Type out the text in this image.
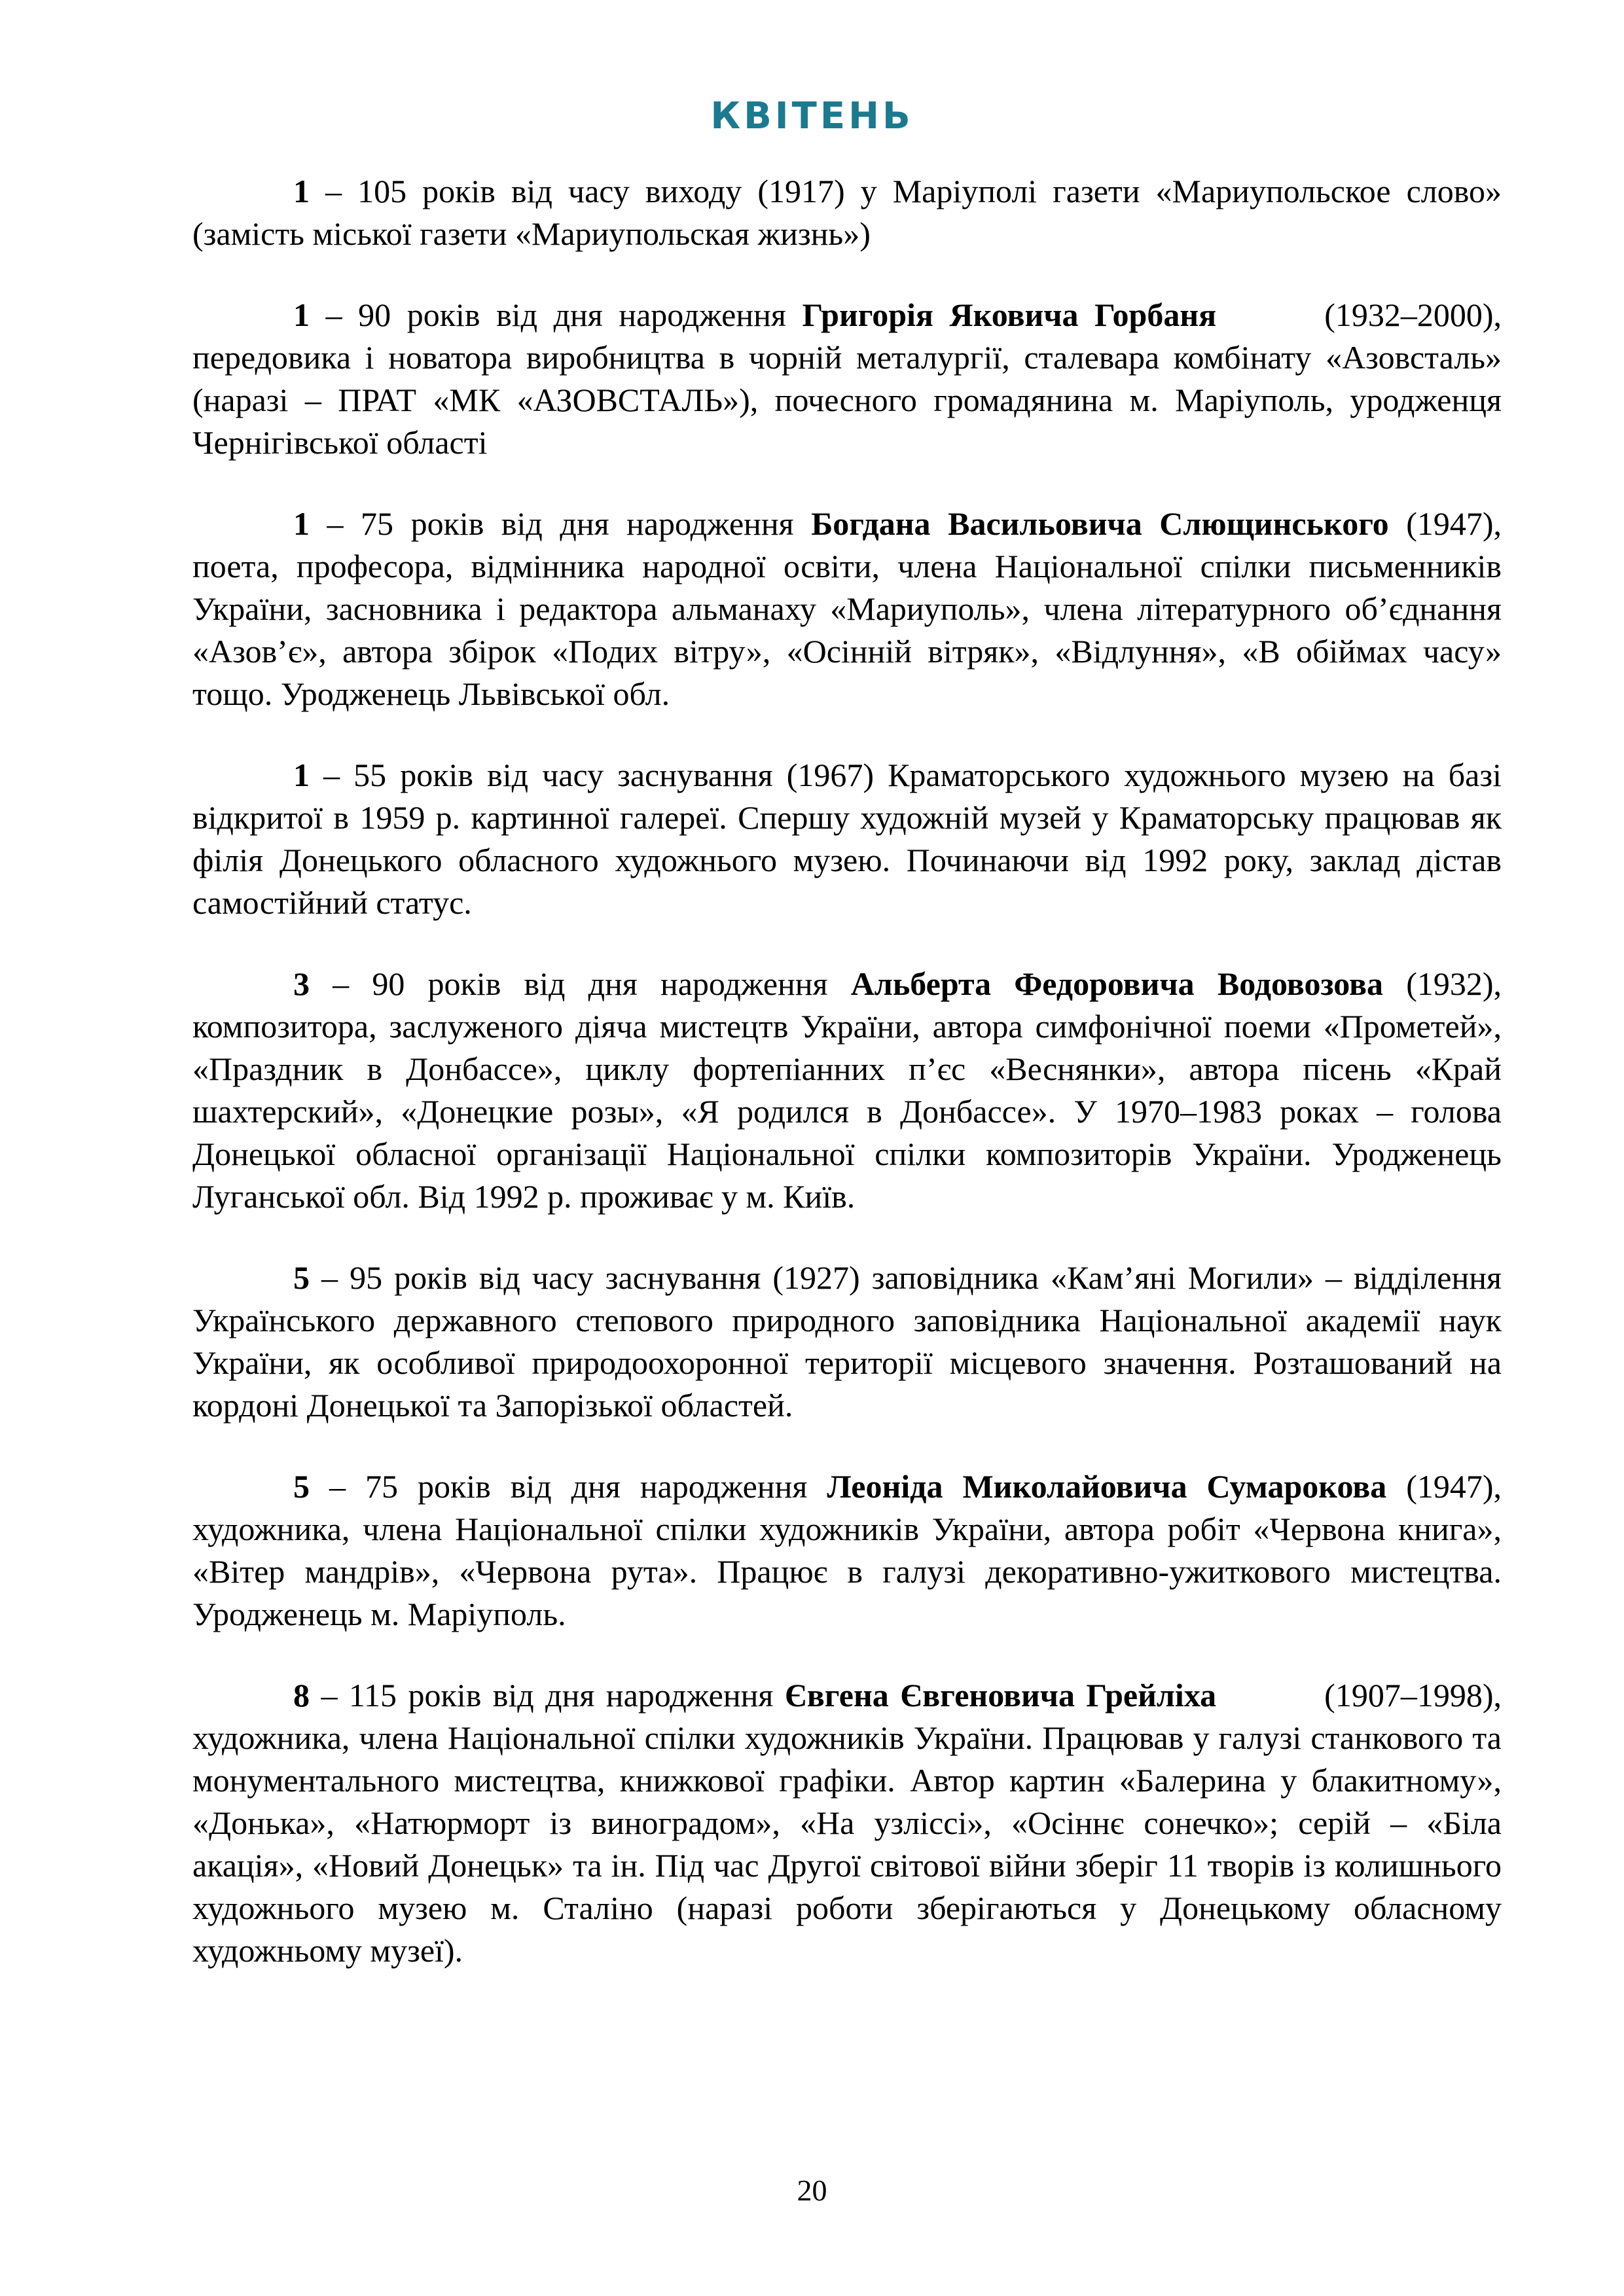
КВІТЕНЬ

1 – 105 років від часу виходу (1917) у Маріуполі газети «Мариупольское слово» (замість міської газети «Мариупольская жизнь»)

1 – 90 років від дня народження Григорія Яковича Горбаня	(1932–2000), передовика і новатора виробництва в чорній металургії, сталевара комбінату «Азовсталь» (наразі – ПРАТ «МК «АЗОВСТАЛЬ»), почесного громадянина м. Маріуполь, уродженця Чернігівської області

1 – 75 років від дня народження Богдана Васильовича Слющинського (1947), поета, професора, відмінника народної освіти, члена Національної спілки письменників України, засновника і редактора альманаху «Мариуполь», члена літературного об’єднання «Азов’є», автора збірок «Подих вітру», «Осінній вітряк», «Відлуння», «В обіймах часу» тощо. Уродженець Львівської обл.

1 – 55 років від часу заснування (1967) Краматорського художнього музею на базі відкритої в 1959 р. картинної галереї. Спершу художній музей у Краматорську працював як філія Донецького обласного художнього музею. Починаючи від 1992 року, заклад дістав самостійний статус.

3 – 90 років від дня народження Альберта Федоровича Водовозова (1932), композитора, заслуженого діяча мистецтв України, автора симфонічної поеми «Прометей», «Праздник в Донбассе», циклу фортепіанних п’єс «Веснянки», автора пісень «Край шахтерский», «Донецкие розы», «Я родился в Донбассе». У 1970–1983 роках – голова Донецької обласної організації Національної спілки композиторів України. Уродженець Луганської обл. Від 1992 р. проживає у м. Київ.

5 – 95 років від часу заснування (1927) заповідника «Кам’яні Могили» – відділення Українського державного степового природного заповідника Національної академії наук України, як особливої природоохоронної території місцевого значення. Розташований на кордоні Донецької та Запорізької областей.

5 – 75 років від дня народження Леоніда Миколайовича Сумарокова (1947), художника, члена Національної спілки художників України, автора робіт «Червона книга», «Вітер мандрів», «Червона рута». Працює в галузі декоративно-ужиткового мистецтва. Уродженець м. Маріуполь.

8 – 115 років від дня народження Євгена Євгеновича Грейліха	(1907–1998), художника, члена Національної спілки художників України. Працював у галузі станкового та монументального мистецтва, книжкової графіки. Автор картин «Балерина у блакитному», «Донька», «Натюрморт із виноградом», «На узліссі», «Осіннє сонечко»; серій – «Біла акація», «Новий Донецьк» та ін. Під час Другої світової війни зберіг 11 творів із колишнього художнього музею м. Сталіно (наразі роботи зберігаються у Донецькому обласному художньому музеї).

20
